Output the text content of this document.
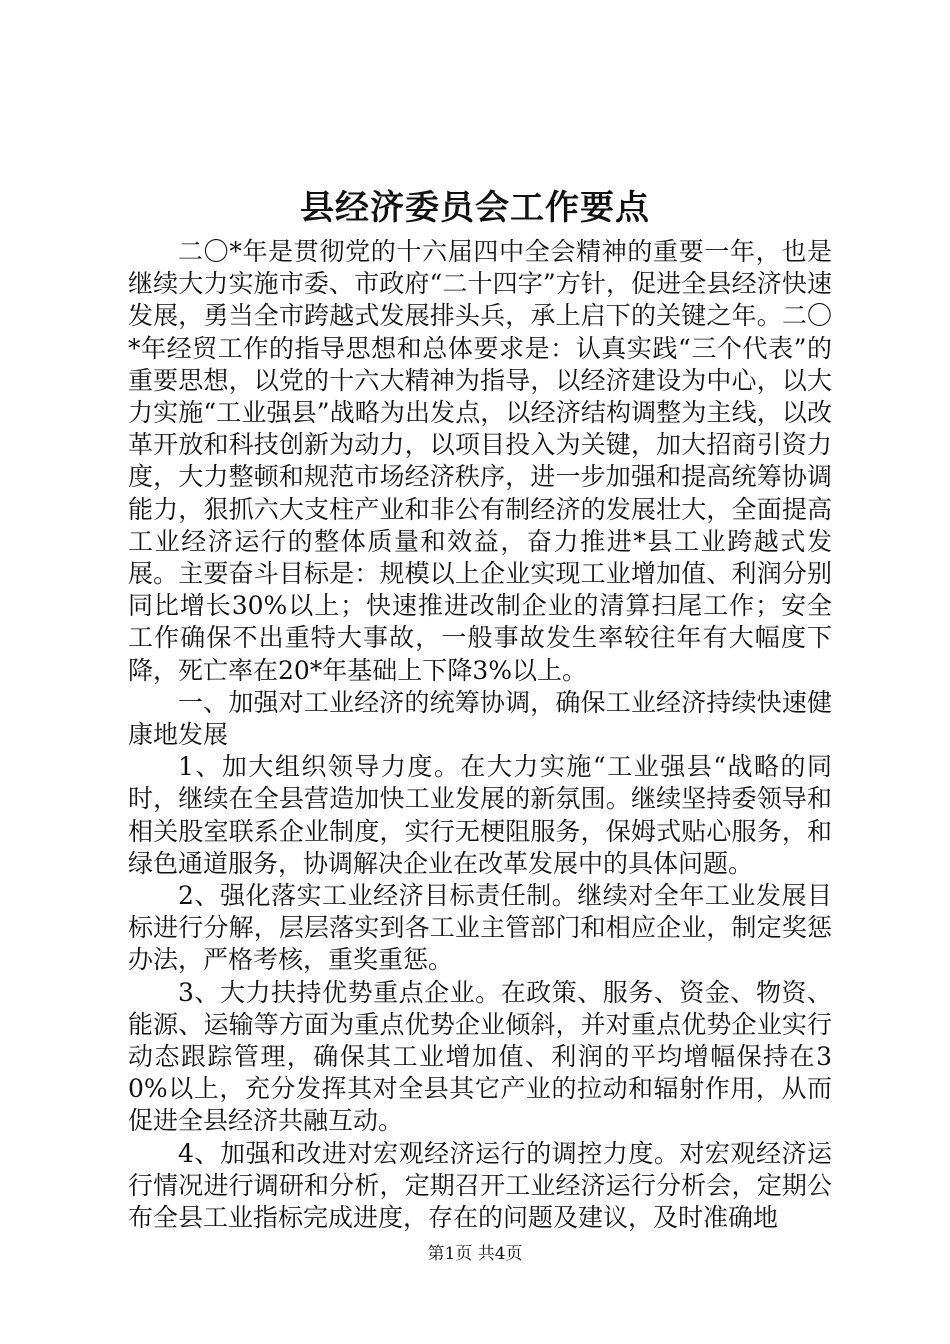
县经济委员会工作要点

二〇*年是贯彻党的十六届四中全会精神的重要一年，也是继续大力实施市委、市政府“二十四字”方针，促进全县经济快速发展，勇当全市跨越式发展排头兵，承上启下的关键之年。二〇*年经贸工作的指导思想和总体要求是：认真实践“三个代表”的重要思想，以党的十六大精神为指导，以经济建设为中心，以大力实施“工业强县”战略为出发点，以经济结构调整为主线，以改革开放和科技创新为动力，以项目投入为关键，加大招商引资力度，大力整顿和规范市场经济秩序，进一步加强和提高统筹协调能力，狠抓六大支柱产业和非公有制经济的发展壮大，全面提高工业经济运行的整体质量和效益，奋力推进*县工业跨越式发展。主要奋斗目标是：规模以上企业实现工业增加值、利润分别同比增长30%以上；快速推进改制企业的清算扫尾工作；安全工作确保不出重特大事故，一般事故发生率较往年有大幅度下降，死亡率在20*年基础上下降3%以上。

一、加强对工业经济的统筹协调，确保工业经济持续快速健康地发展

1、加大组织领导力度。在大力实施“工业强县“战略的同时，继续在全县营造加快工业发展的新氛围。继续坚持委领导和相关股室联系企业制度，实行无梗阻服务，保姆式贴心服务，和绿色通道服务，协调解决企业在改革发展中的具体问题。

2、强化落实工业经济目标责任制。继续对全年工业发展目标进行分解，层层落实到各工业主管部门和相应企业，制定奖惩办法，严格考核，重奖重惩。

3、大力扶持优势重点企业。在政策、服务、资金、物资、能源、运输等方面为重点优势企业倾斜，并对重点优势企业实行动态跟踪管理，确保其工业增加值、利润的平均增幅保持在30%以上，充分发挥其对全县其它产业的拉动和辐射作用，从而促进全县经济共融互动。

4、加强和改进对宏观经济运行的调控力度。对宏观经济运行情况进行调研和分析，定期召开工业经济运行分析会，定期公布全县工业指标完成进度，存在的问题及建议，及时准确地

第1页 共4页
